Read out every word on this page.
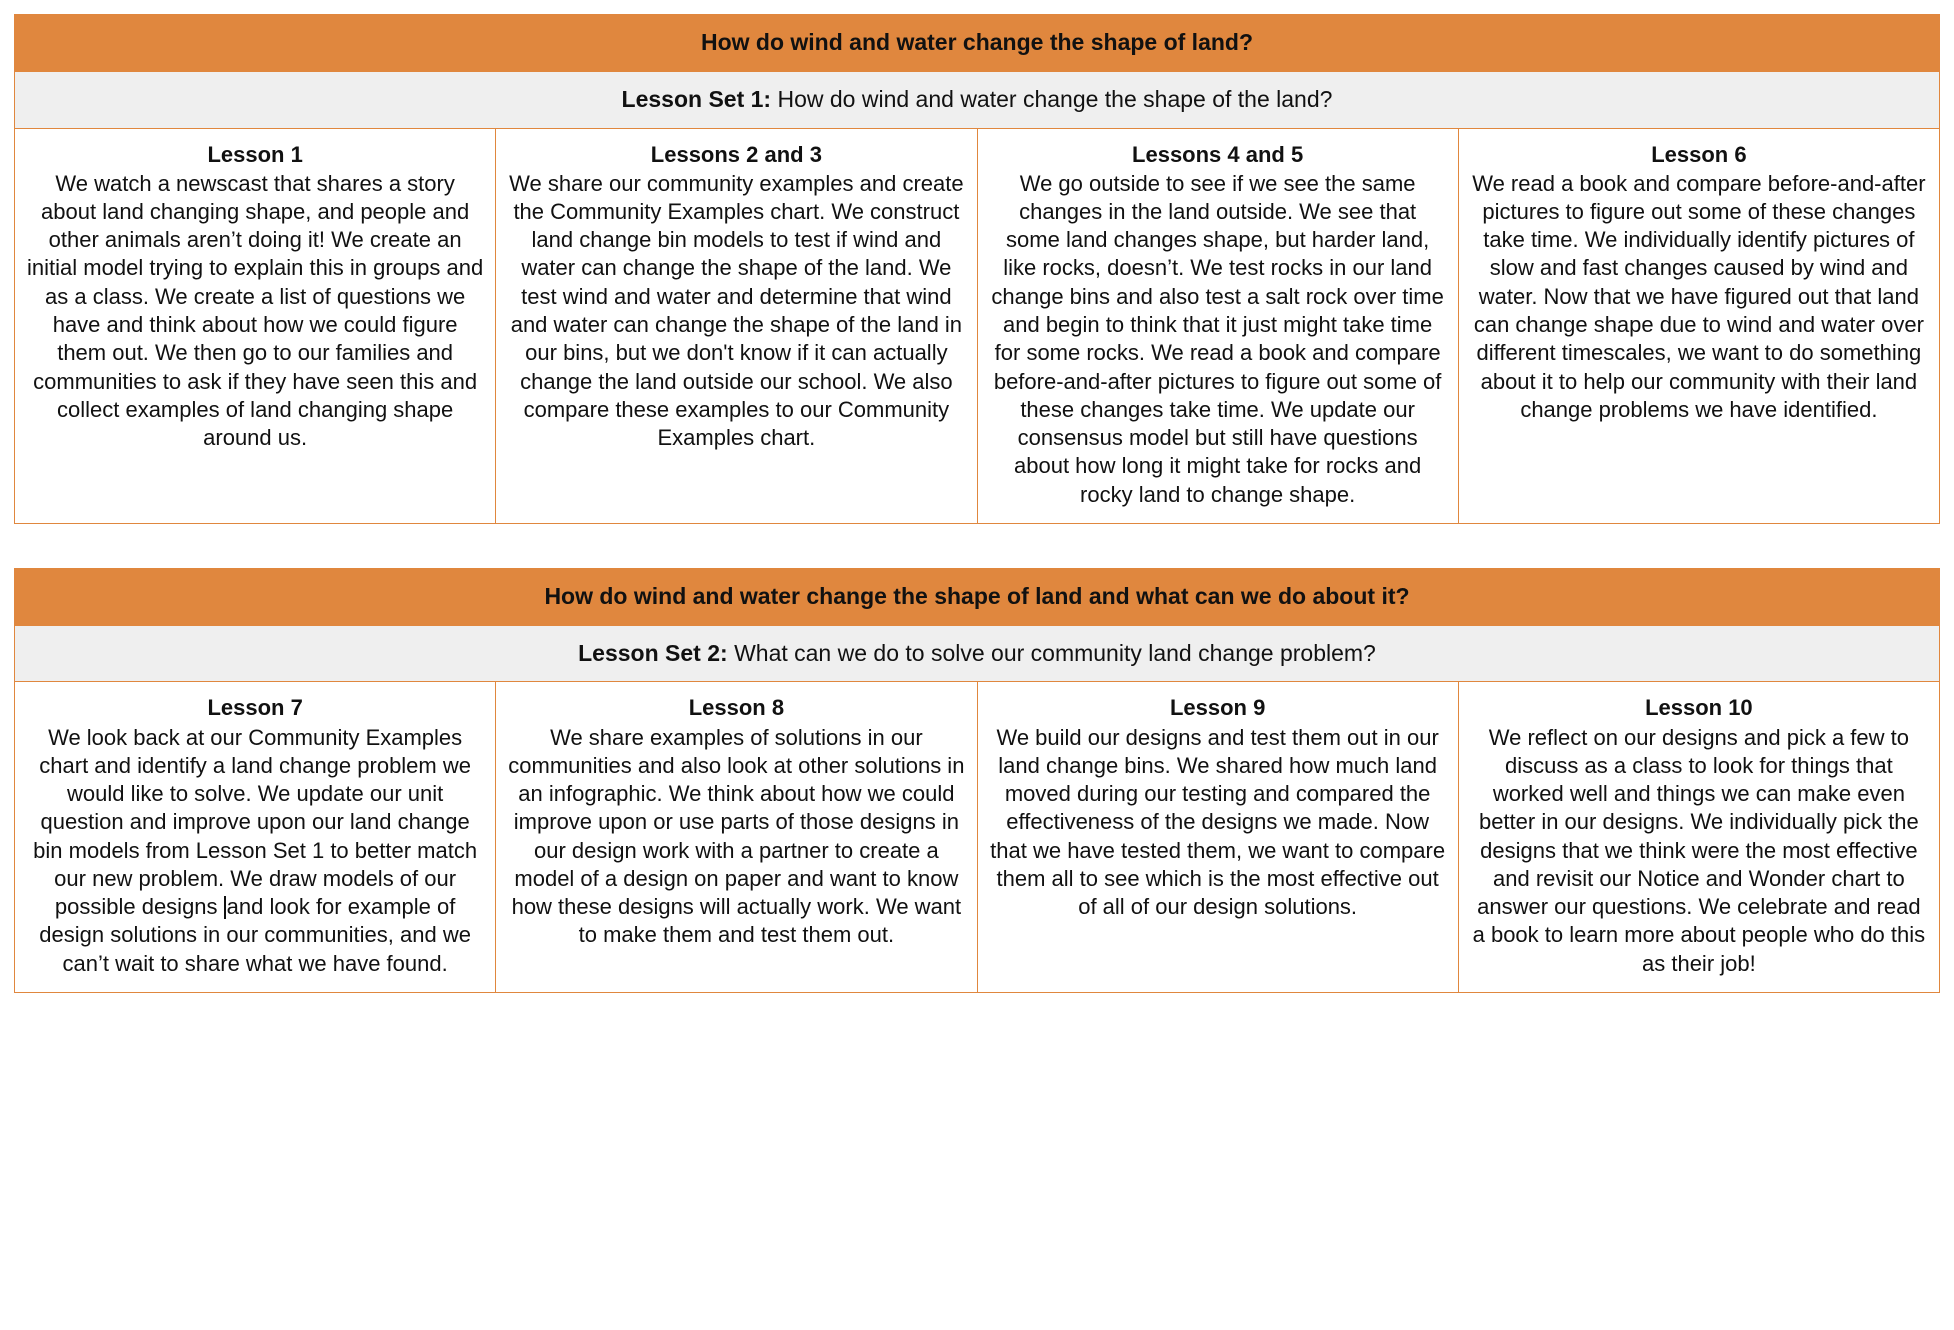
How do wind and water change the shape of land?
Lesson Set 1: How do wind and water change the shape of the land?
Lesson 1
We watch a newscast that shares a story about land changing shape, and people and other animals aren’t doing it! We create an initial model trying to explain this in groups and as a class. We create a list of questions we have and think about how we could figure them out. We then go to our families and communities to ask if they have seen this and collect examples of land changing shape around us.
Lessons 2 and 3
We share our community examples and create the Community Examples chart. We construct land change bin models to test if wind and water can change the shape of the land. We test wind and water and determine that wind and water can change the shape of the land in our bins, but we don't know if it can actually change the land outside our school. We also compare these examples to our Community Examples chart.
Lessons 4 and 5
We go outside to see if we see the same changes in the land outside. We see that some land changes shape, but harder land, like rocks, doesn’t. We test rocks in our land change bins and also test a salt rock over time and begin to think that it just might take time for some rocks. We read a book and compare before-and-after pictures to figure out some of these changes take time. We update our consensus model but still have questions about how long it might take for rocks and rocky land to change shape.
Lesson 6
We read a book and compare before-and-after pictures to figure out some of these changes take time. We individually identify pictures of slow and fast changes caused by wind and water. Now that we have figured out that land can change shape due to wind and water over different timescales, we want to do something about it to help our community with their land change problems we have identified.
How do wind and water change the shape of land and what can we do about it?
Lesson Set 2: What can we do to solve our community land change problem?
Lesson 7
We look back at our Community Examples chart and identify a land change problem we would like to solve. We update our unit question and improve upon our land change bin models from Lesson Set 1 to better match our new problem. We draw models of our possible designs and look for example of design solutions in our communities, and we can’t wait to share what we have found.
Lesson 8
We share examples of solutions in our communities and also look at other solutions in an infographic. We think about how we could improve upon or use parts of those designs in our design work with a partner to create a model of a design on paper and want to know how these designs will actually work. We want to make them and test them out.
Lesson 9
We build our designs and test them out in our land change bins. We shared how much land moved during our testing and compared the effectiveness of the designs we made. Now that we have tested them, we want to compare them all to see which is the most effective out of all of our design solutions.
Lesson 10
We reflect on our designs and pick a few to discuss as a class to look for things that worked well and things we can make even better in our designs. We individually pick the designs that we think were the most effective and revisit our Notice and Wonder chart to answer our questions. We celebrate and read a book to learn more about people who do this as their job!
